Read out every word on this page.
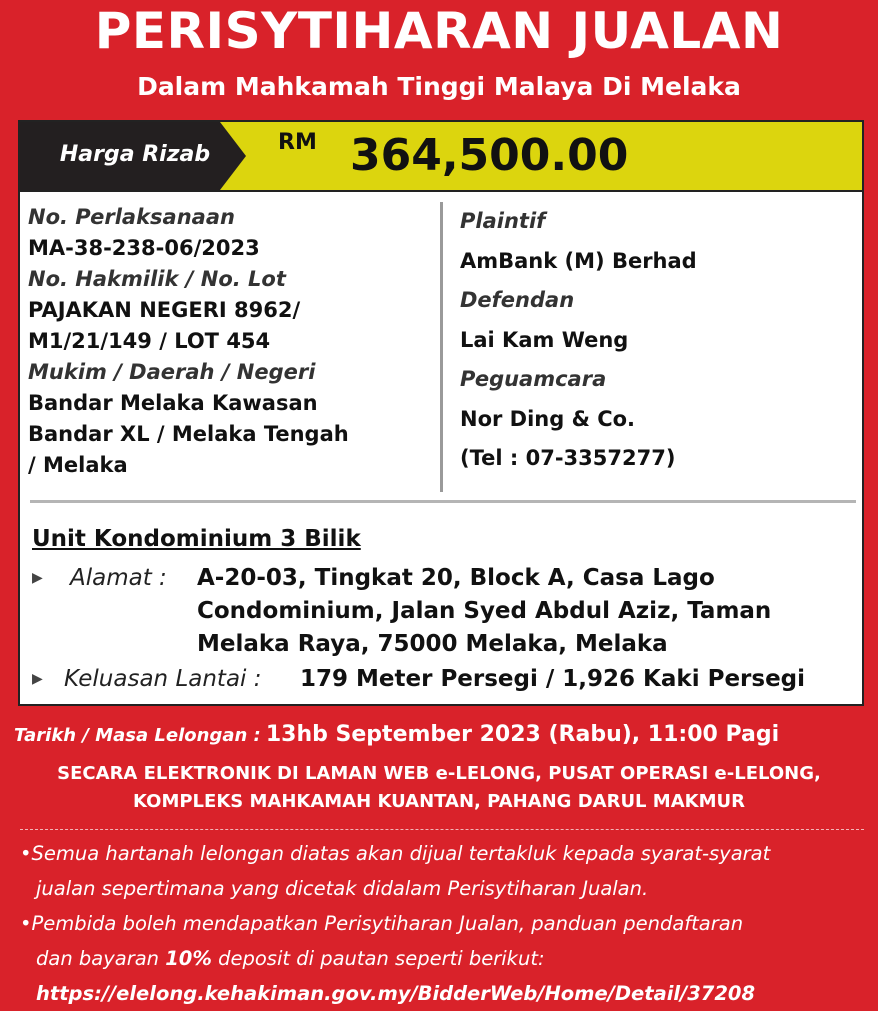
PERISYTIHARAN JUALAN
Dalam Mahkamah Tinggi Malaya Di Melaka
Harga Rizab	RM 364,500.00
No. Perlaksanaan
MA-38-238-06/2023
No. Hakmilik / No. Lot
PAJAKAN NEGERI 8962/
M1/21/149 / LOT 454
Mukim / Daerah / Negeri
Bandar Melaka Kawasan
Bandar XL / Melaka Tengah
/ Melaka
Plaintif
AmBank (M) Berhad
Defendan
Lai Kam Weng
Peguamcara
Nor Ding & Co.
(Tel : 07-3357277)
Unit Kondominium 3 Bilik
▶ Alamat :	A-20-03, Tingkat 20, Block A, Casa Lago
Condominium, Jalan Syed Abdul Aziz, Taman
Melaka Raya, 75000 Melaka, Melaka
▶ Keluasan Lantai : 179 Meter Persegi / 1,926 Kaki Persegi
Tarikh / Masa Lelongan : 13hb September 2023 (Rabu), 11:00 Pagi
SECARA ELEKTRONIK DI LAMAN WEB e-LELONG, PUSAT OPERASI e-LELONG,
KOMPLEKS MAHKAMAH KUANTAN, PAHANG DARUL MAKMUR
•Semua hartanah lelongan diatas akan dijual tertakluk kepada syarat-syarat
jualan sepertimana yang dicetak didalam Perisytiharan Jualan.
•Pembida boleh mendapatkan Perisytiharan Jualan, panduan pendaftaran
dan bayaran 10% deposit di pautan seperti berikut:
https://elelong.kehakiman.gov.my/BidderWeb/Home/Detail/37208
